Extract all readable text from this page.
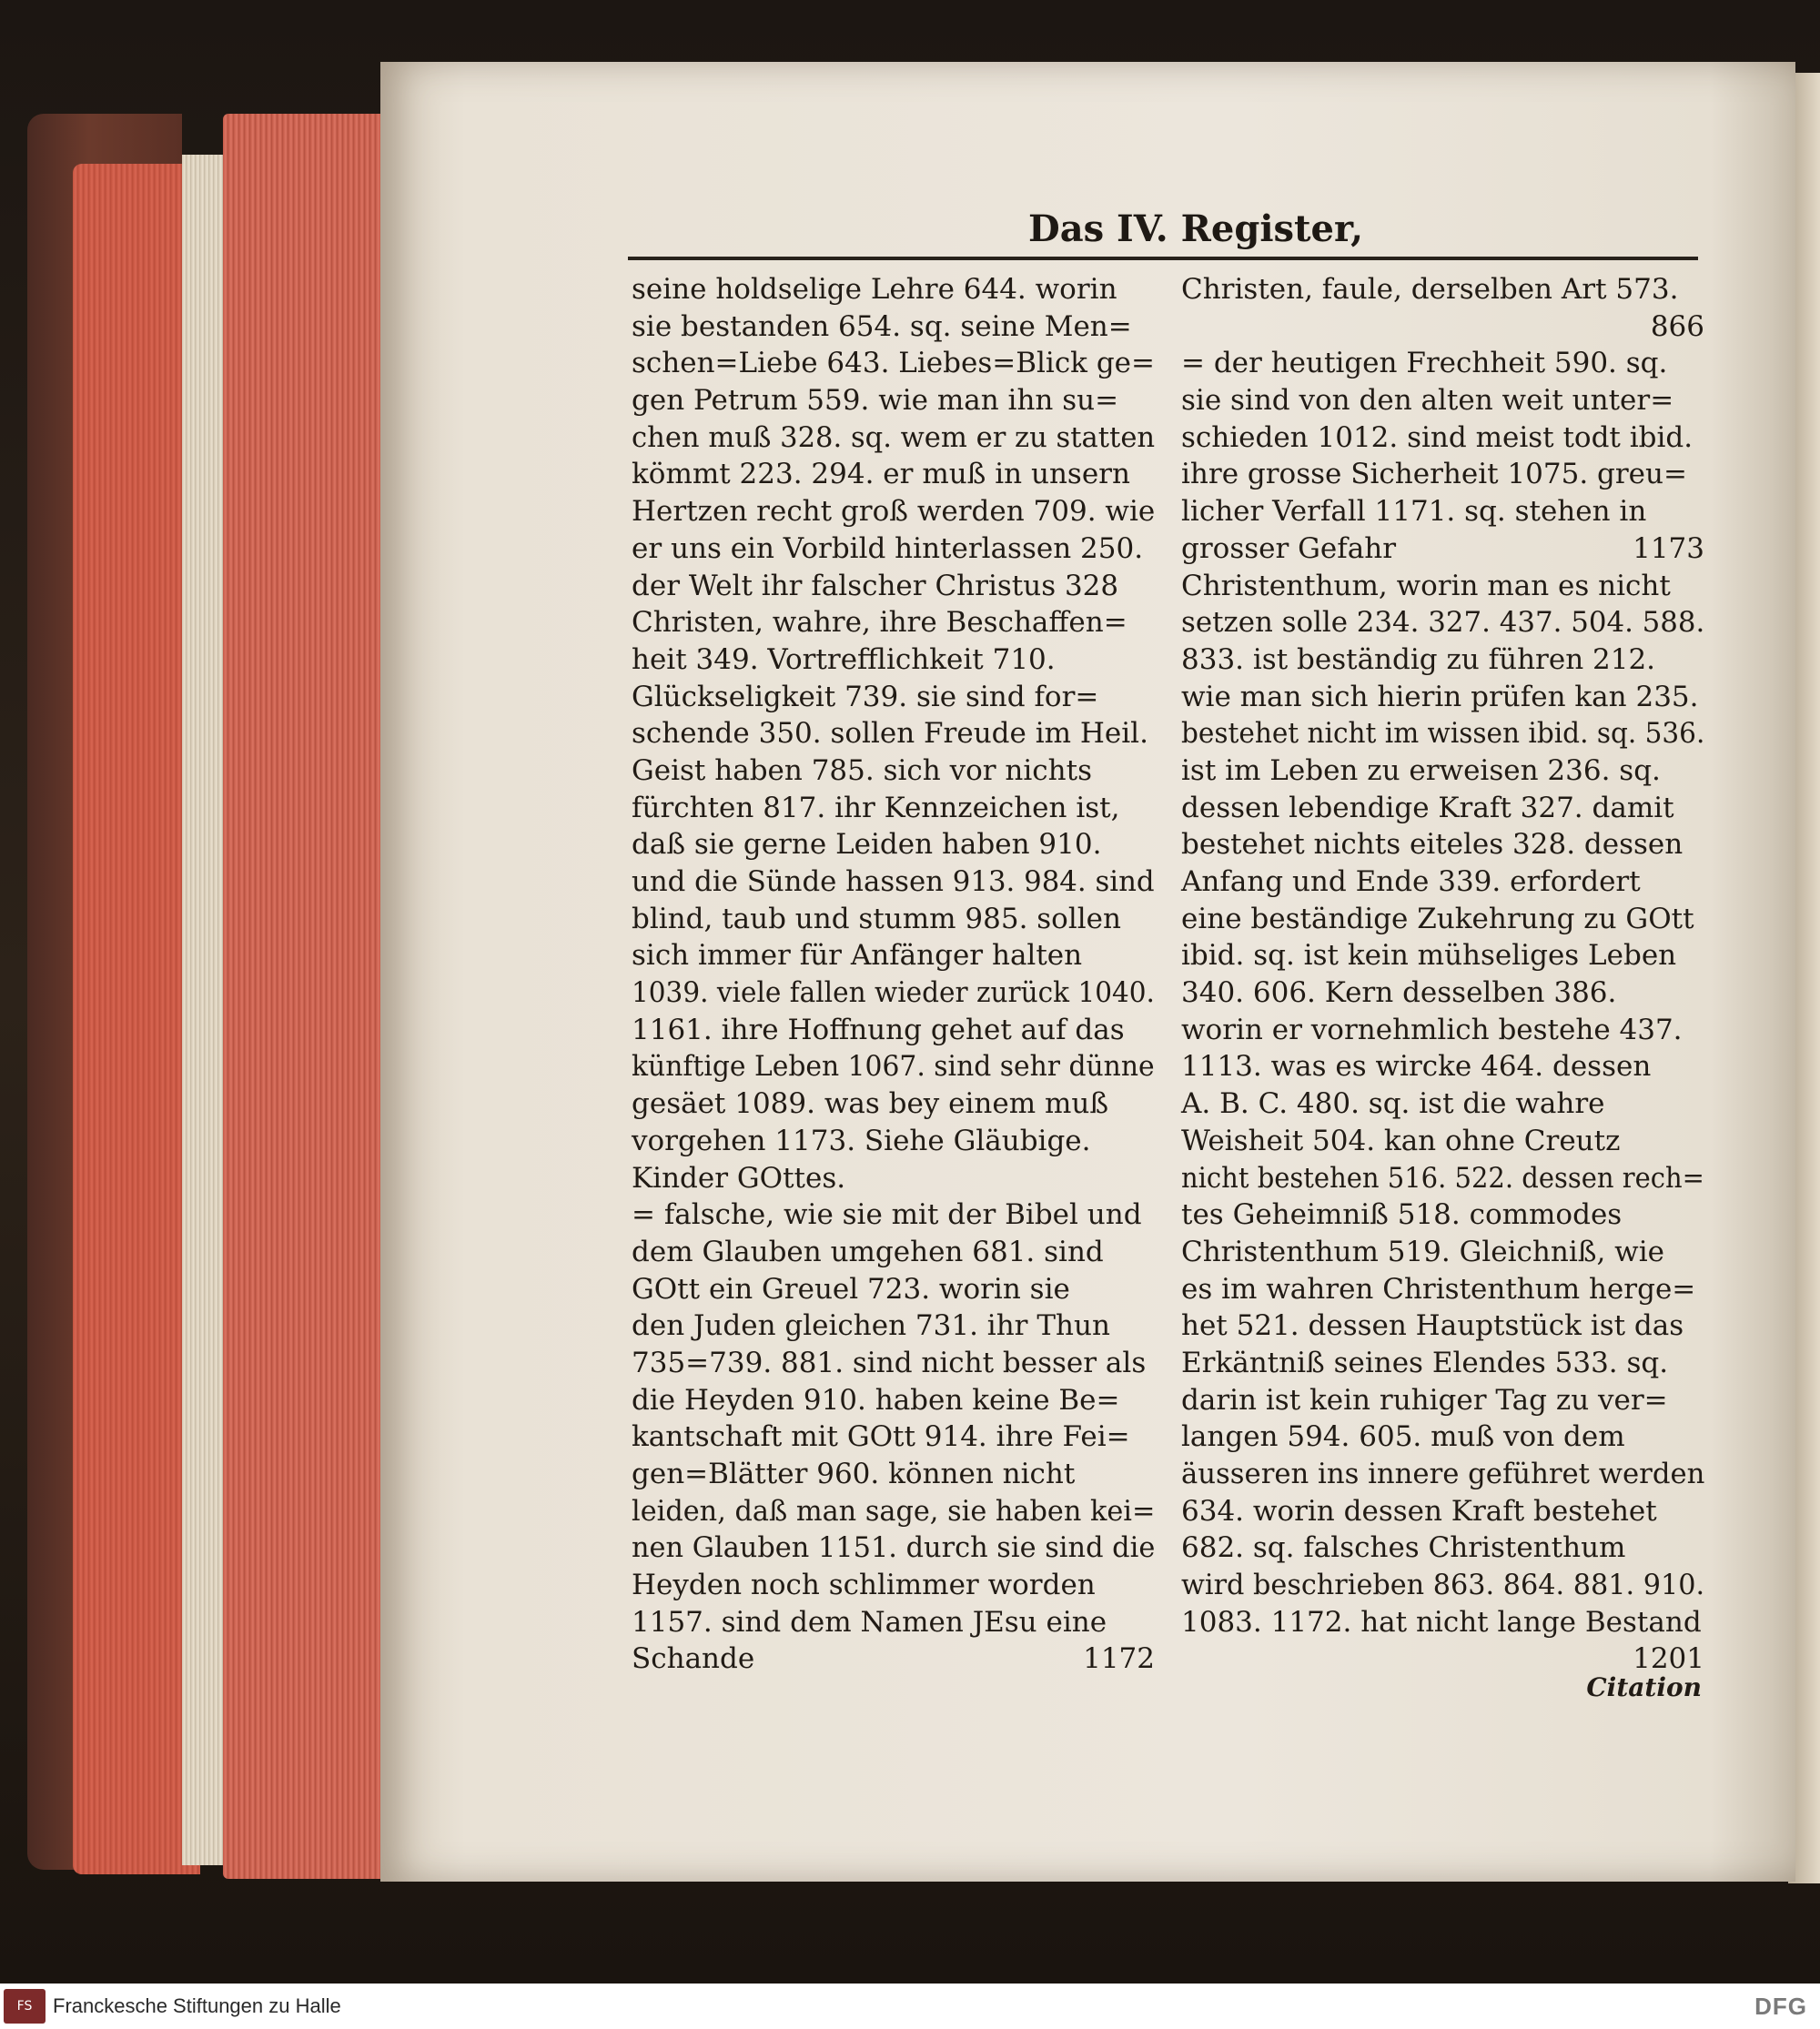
Das IV. Register,
seine holdselige Lehre 644. worin
sie bestanden 654. sq. seine Men=
schen=Liebe 643. Liebes=Blick ge=
gen Petrum 559. wie man ihn su=
chen muß 328. sq. wem er zu statten
kömmt 223. 294. er muß in unsern
Hertzen recht groß werden 709. wie
er uns ein Vorbild hinterlassen 250.
der Welt ihr falscher Christus 328
Christen, wahre, ihre Beschaffen=
heit 349. Vortrefflichkeit 710.
Glückseligkeit 739. sie sind for=
schende 350. sollen Freude im Heil.
Geist haben 785. sich vor nichts
fürchten 817. ihr Kennzeichen ist,
daß sie gerne Leiden haben 910.
und die Sünde hassen 913. 984. sind
blind, taub und stumm 985. sollen
sich immer für Anfänger halten
1039. viele fallen wieder zurück 1040.
1161. ihre Hoffnung gehet auf das
künftige Leben 1067. sind sehr dünne
gesäet 1089. was bey einem muß
vorgehen 1173. Siehe Gläubige.
Kinder GOttes.
= falsche, wie sie mit der Bibel und
dem Glauben umgehen 681. sind
GOtt ein Greuel 723. worin sie
den Juden gleichen 731. ihr Thun
735=739. 881. sind nicht besser als
die Heyden 910. haben keine Be=
kantschaft mit GOtt 914. ihre Fei=
gen=Blätter 960. können nicht
leiden, daß man sage, sie haben kei=
nen Glauben 1151. durch sie sind die
Heyden noch schlimmer worden
1157. sind dem Namen JEsu eine
Schande	1172
Christen, faule, derselben Art 573.
866
= der heutigen Frechheit 590. sq.
sie sind von den alten weit unter=
schieden 1012. sind meist todt ibid.
ihre grosse Sicherheit 1075. greu=
licher Verfall 1171. sq. stehen in
grosser Gefahr	1173
Christenthum, worin man es nicht
setzen solle 234. 327. 437. 504. 588.
833. ist beständig zu führen 212.
wie man sich hierin prüfen kan 235.
bestehet nicht im wissen ibid. sq. 536.
ist im Leben zu erweisen 236. sq.
dessen lebendige Kraft 327. damit
bestehet nichts eiteles 328. dessen
Anfang und Ende 339. erfordert
eine beständige Zukehrung zu GOtt
ibid. sq. ist kein mühseliges Leben
340. 606. Kern desselben 386.
worin er vornehmlich bestehe 437.
1113. was es wircke 464. dessen
A. B. C. 480. sq. ist die wahre
Weisheit 504. kan ohne Creutz
nicht bestehen 516. 522. dessen rech=
tes Geheimniß 518. commodes
Christenthum 519. Gleichniß, wie
es im wahren Christenthum herge=
het 521. dessen Hauptstück ist das
Erkäntniß seines Elendes 533. sq.
darin ist kein ruhiger Tag zu ver=
langen 594. 605. muß von dem
äusseren ins innere geführet werden
634. worin dessen Kraft bestehet
682. sq. falsches Christenthum
wird beschrieben 863. 864. 881. 910.
1083. 1172. hat nicht lange Bestand
1201
Citation
FS	Franckesche Stiftungen zu Halle	DFG
